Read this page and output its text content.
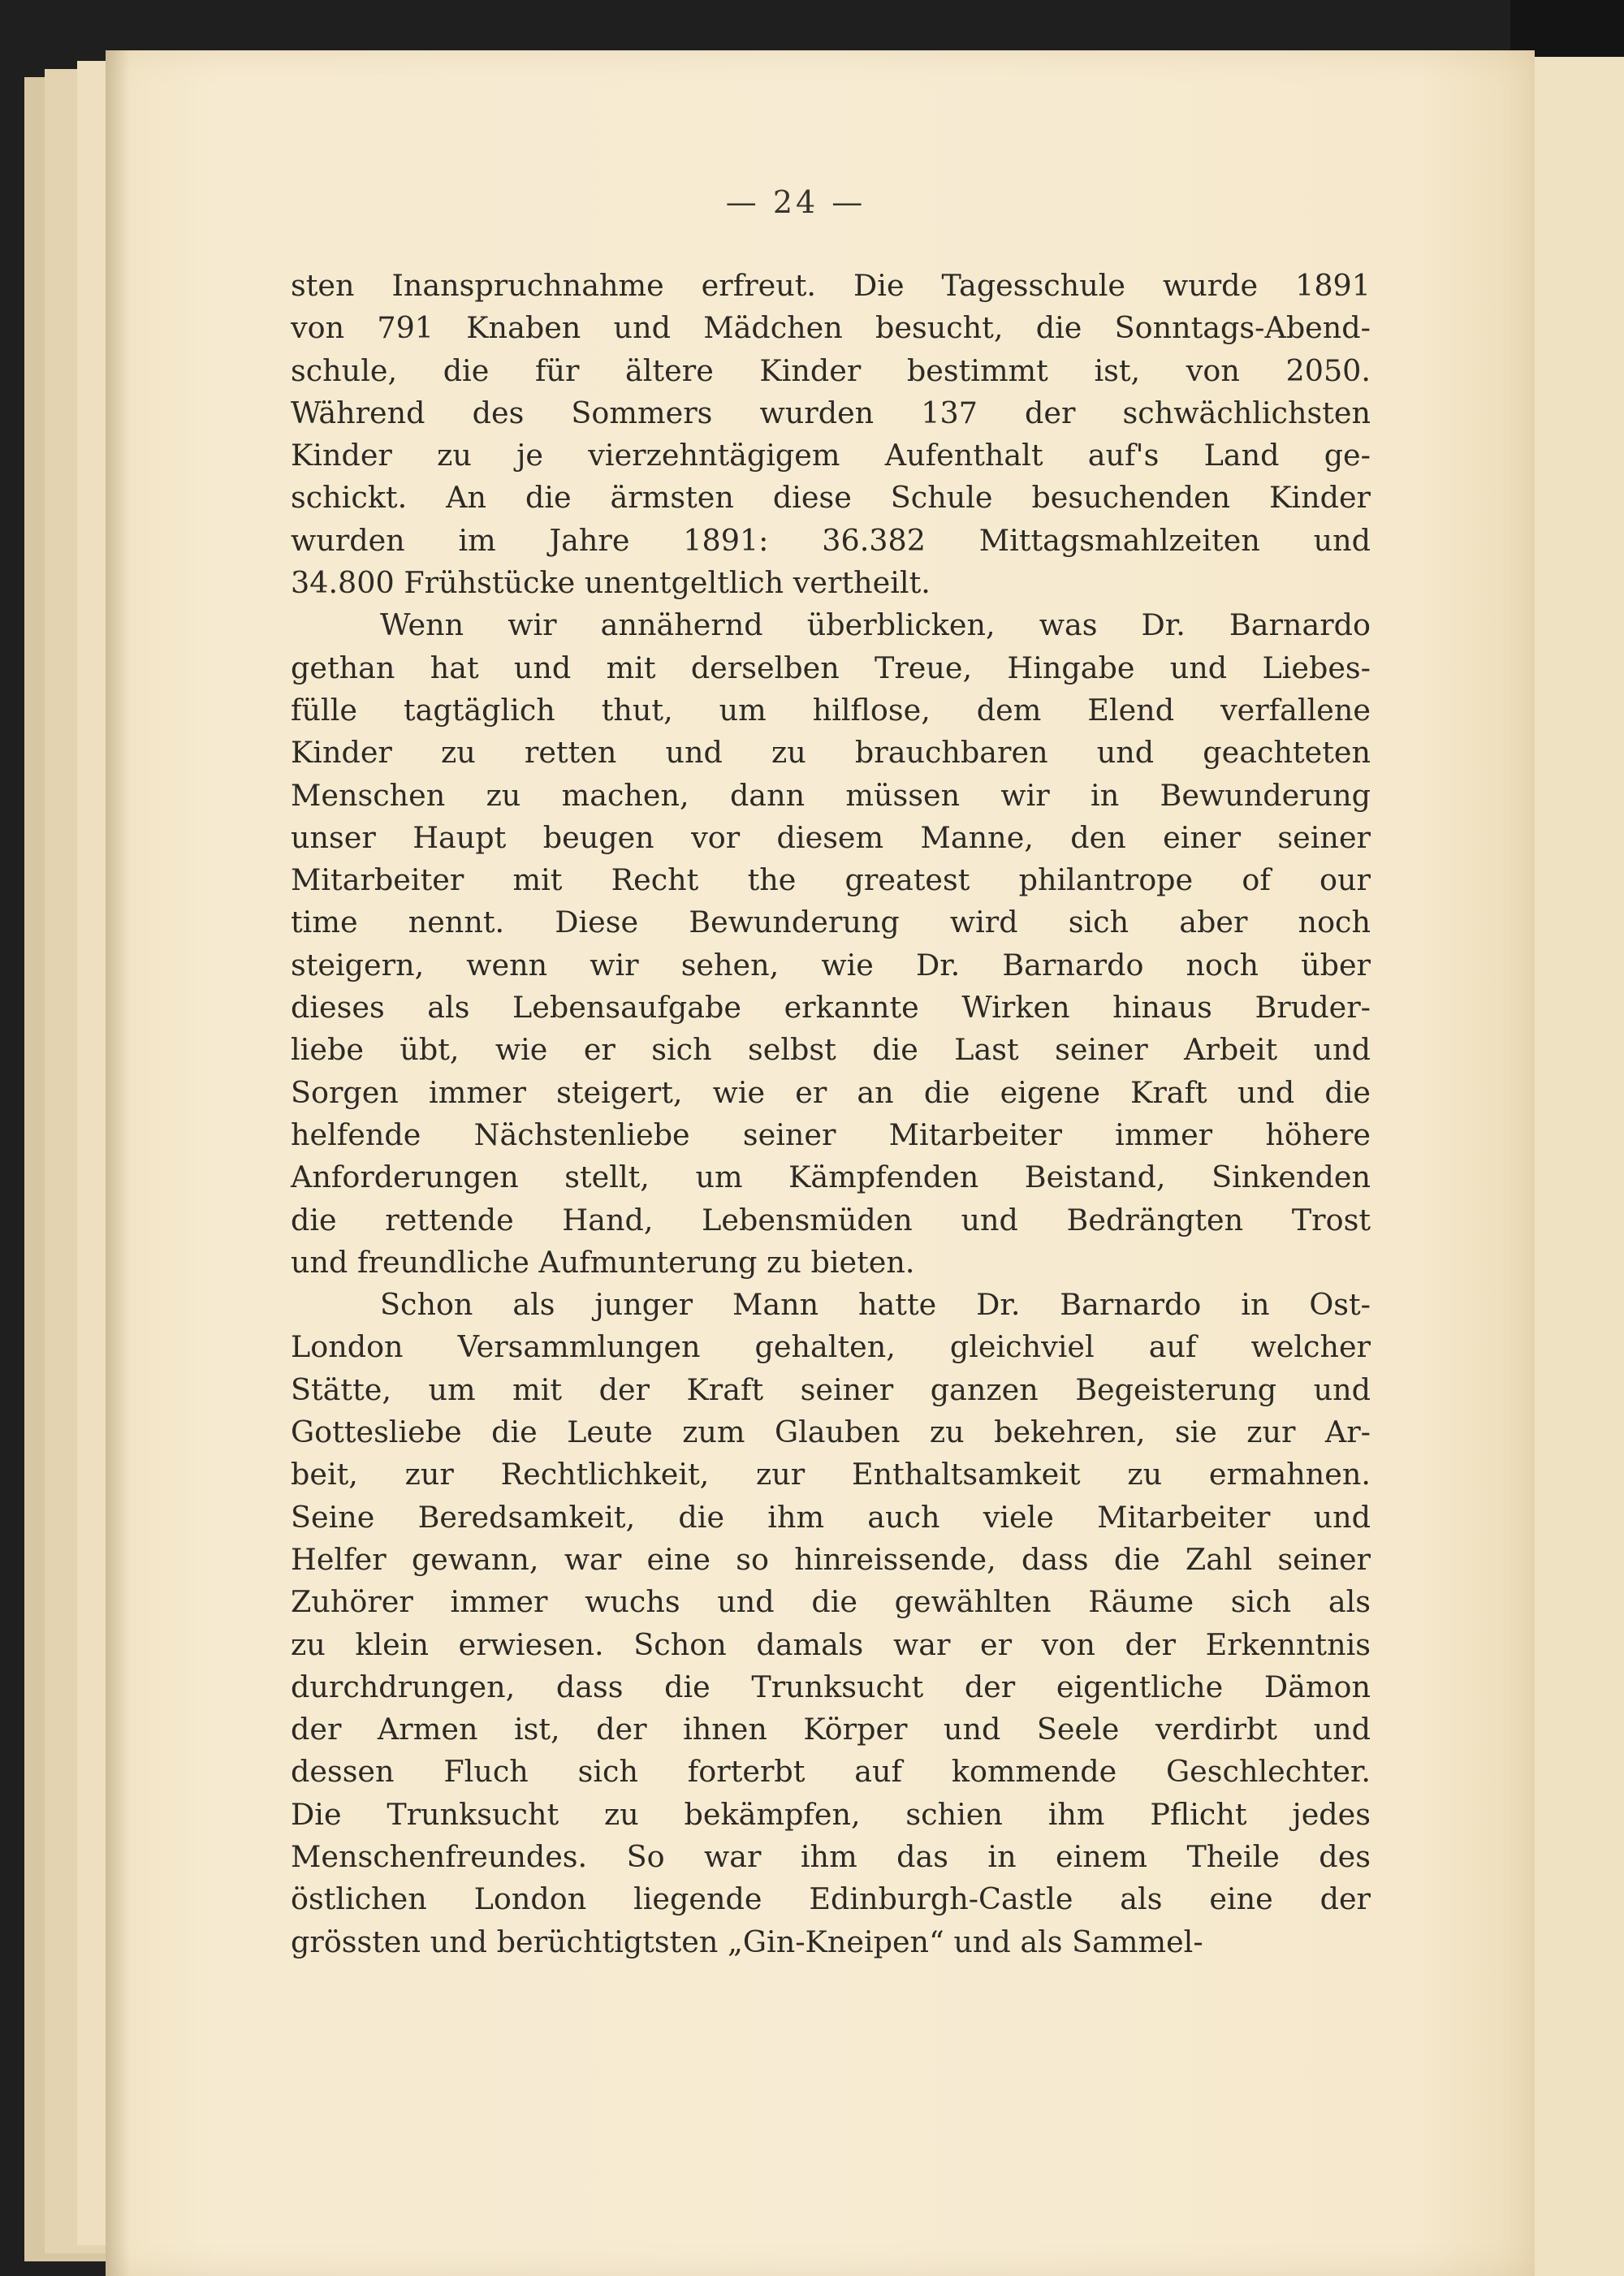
— 24 —

sten Inanspruchnahme erfreut. Die Tagesschule wurde 1891
von 791 Knaben und Mädchen besucht, die Sonntags-Abend-
schule, die für ältere Kinder bestimmt ist, von 2050.
Während des Sommers wurden 137 der schwächlichsten
Kinder zu je vierzehntägigem Aufenthalt auf's Land ge-
schickt. An die ärmsten diese Schule besuchenden Kinder
wurden im Jahre 1891: 36.382 Mittagsmahlzeiten und
34.800 Frühstücke unentgeltlich vertheilt.

Wenn wir annähernd überblicken, was Dr. Barnardo
gethan hat und mit derselben Treue, Hingabe und Liebes-
fülle tagtäglich thut, um hilflose, dem Elend verfallene
Kinder zu retten und zu brauchbaren und geachteten
Menschen zu machen, dann müssen wir in Bewunderung
unser Haupt beugen vor diesem Manne, den einer seiner
Mitarbeiter mit Recht the greatest philantrope of our
time nennt. Diese Bewunderung wird sich aber noch
steigern, wenn wir sehen, wie Dr. Barnardo noch über
dieses als Lebensaufgabe erkannte Wirken hinaus Bruder-
liebe übt, wie er sich selbst die Last seiner Arbeit und
Sorgen immer steigert, wie er an die eigene Kraft und die
helfende Nächstenliebe seiner Mitarbeiter immer höhere
Anforderungen stellt, um Kämpfenden Beistand, Sinkenden
die rettende Hand, Lebensmüden und Bedrängten Trost
und freundliche Aufmunterung zu bieten.

Schon als junger Mann hatte Dr. Barnardo in Ost-
London Versammlungen gehalten, gleichviel auf welcher
Stätte, um mit der Kraft seiner ganzen Begeisterung und
Gottesliebe die Leute zum Glauben zu bekehren, sie zur Ar-
beit, zur Rechtlichkeit, zur Enthaltsamkeit zu ermahnen.
Seine Beredsamkeit, die ihm auch viele Mitarbeiter und
Helfer gewann, war eine so hinreissende, dass die Zahl seiner
Zuhörer immer wuchs und die gewählten Räume sich als
zu klein erwiesen. Schon damals war er von der Erkenntnis
durchdrungen, dass die Trunksucht der eigentliche Dämon
der Armen ist, der ihnen Körper und Seele verdirbt und
dessen Fluch sich forterbt auf kommende Geschlechter.
Die Trunksucht zu bekämpfen, schien ihm Pflicht jedes
Menschenfreundes. So war ihm das in einem Theile des
östlichen London liegende Edinburgh-Castle als eine der
grössten und berüchtigtsten „Gin-Kneipen“ und als Sammel-
